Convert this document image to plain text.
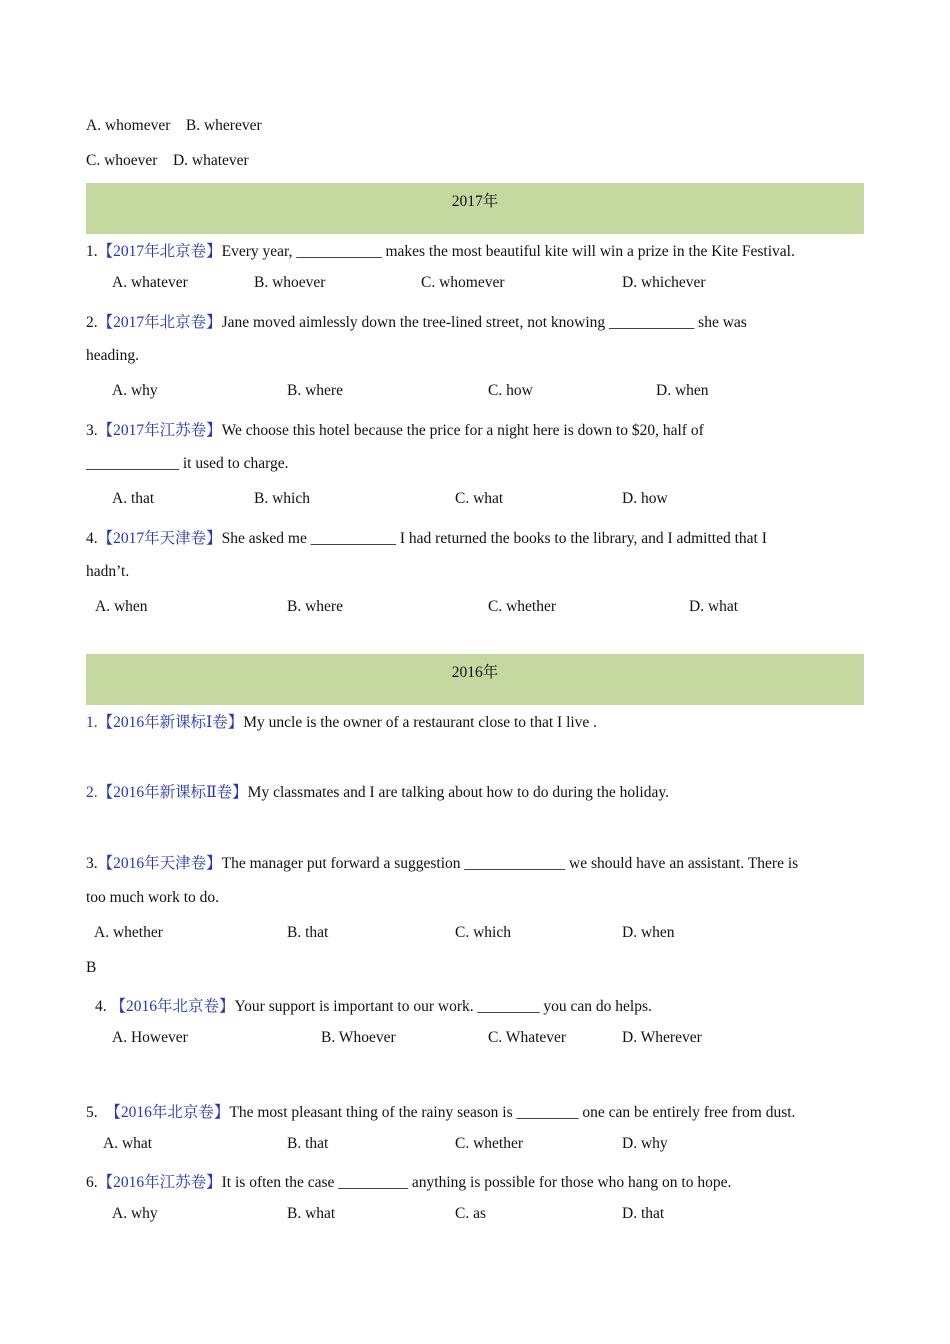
A. whomever    B. wherever
C. whoever    D. whatever
2017年
1.【2017年北京卷】Every year, ___________ makes the most beautiful kite will win a prize in the Kite Festival.
A. whatever	B. whoever	C. whomever	D. whichever
2.【2017年北京卷】Jane moved aimlessly down the tree-lined street, not knowing ___________ she was
heading.
A. why	B. where	C. how	D. when
3.【2017年江苏卷】We choose this hotel because the price for a night here is down to $20, half of
____________ it used to charge.
A. that	B. which	C. what	D. how
4.【2017年天津卷】She asked me ___________ I had returned the books to the library, and I admitted that I
hadn’t.
A. when	B. where	C. whether	D. what
2016年
1.【2016年新课标Ⅰ卷】My uncle is the owner of a restaurant close to that I live .
2.【2016年新课标Ⅱ卷】My classmates and I are talking about how to do during the holiday.
3.【2016年天津卷】The manager put forward a suggestion _____________ we should have an assistant. There is
too much work to do.
A. whether	B. that	C. which	D. when
B
4. 【2016年北京卷】Your support is important to our work. ________ you can do helps.
A. However	B. Whoever	C. Whatever	D. Wherever
5. 【2016年北京卷】The most pleasant thing of the rainy season is ________ one can be entirely free from dust.
A. what	B. that	C. whether	D. why
6.【2016年江苏卷】It is often the case _________ anything is possible for those who hang on to hope.
A. why	B. what	C. as	D. that
